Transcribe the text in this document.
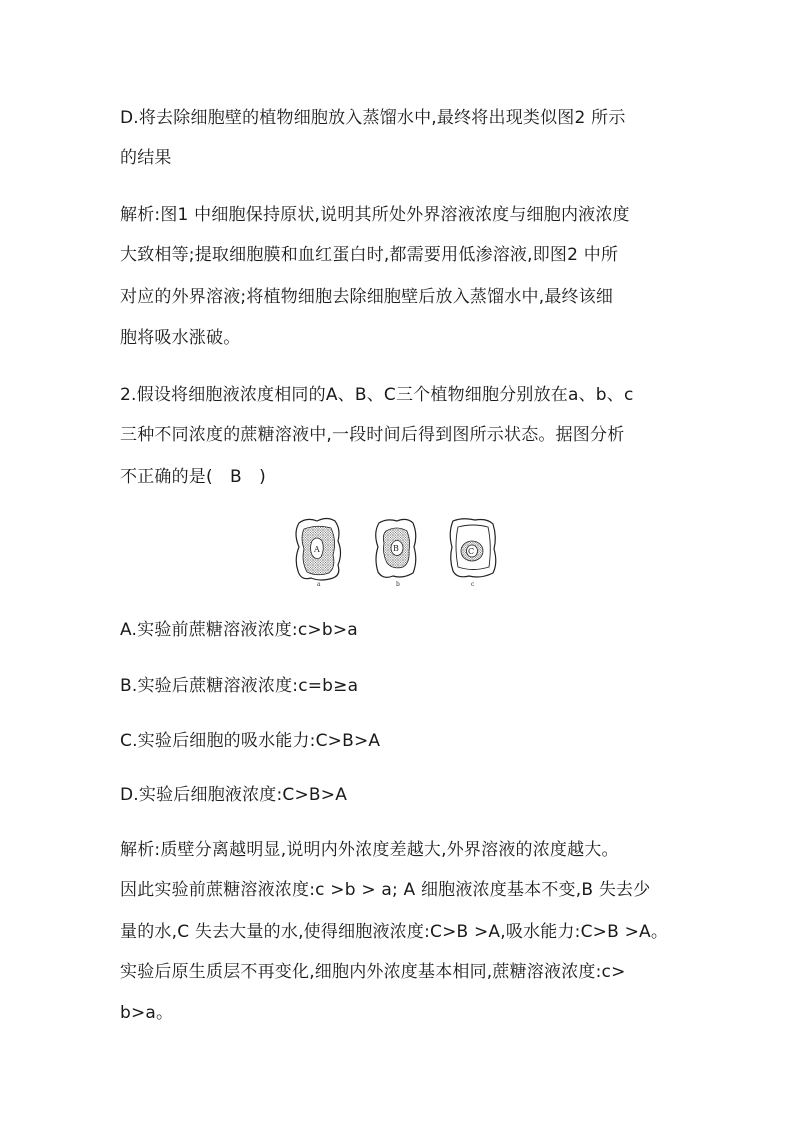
D.将去除细胞壁的植物细胞放入蒸馏水中,最终将出现类似图2 所示
的结果
解析:图1 中细胞保持原状,说明其所处外界溶液浓度与细胞内液浓度
大致相等;提取细胞膜和血红蛋白时,都需要用低渗溶液,即图2 中所
对应的外界溶液;将植物细胞去除细胞壁后放入蒸馏水中,最终该细
胞将吸水涨破。
2.假设将细胞液浓度相同的A、B、C三个植物细胞分别放在a、b、c
三种不同浓度的蔗糖溶液中,一段时间后得到图所示状态。据图分析
不正确的是(　B　)
A
a
B
b
C
c
A.实验前蔗糖溶液浓度:c>b>a
B.实验后蔗糖溶液浓度:c=b≥a
C.实验后细胞的吸水能力:C>B>A
D.实验后细胞液浓度:C>B>A
解析:质壁分离越明显,说明内外浓度差越大,外界溶液的浓度越大。
因此实验前蔗糖溶液浓度:c >b > a; A 细胞液浓度基本不变,B 失去少
量的水,C 失去大量的水,使得细胞液浓度:C>B >A,吸水能力:C>B >A。
实验后原生质层不再变化,细胞内外浓度基本相同,蔗糖溶液浓度:c>
b>a。
